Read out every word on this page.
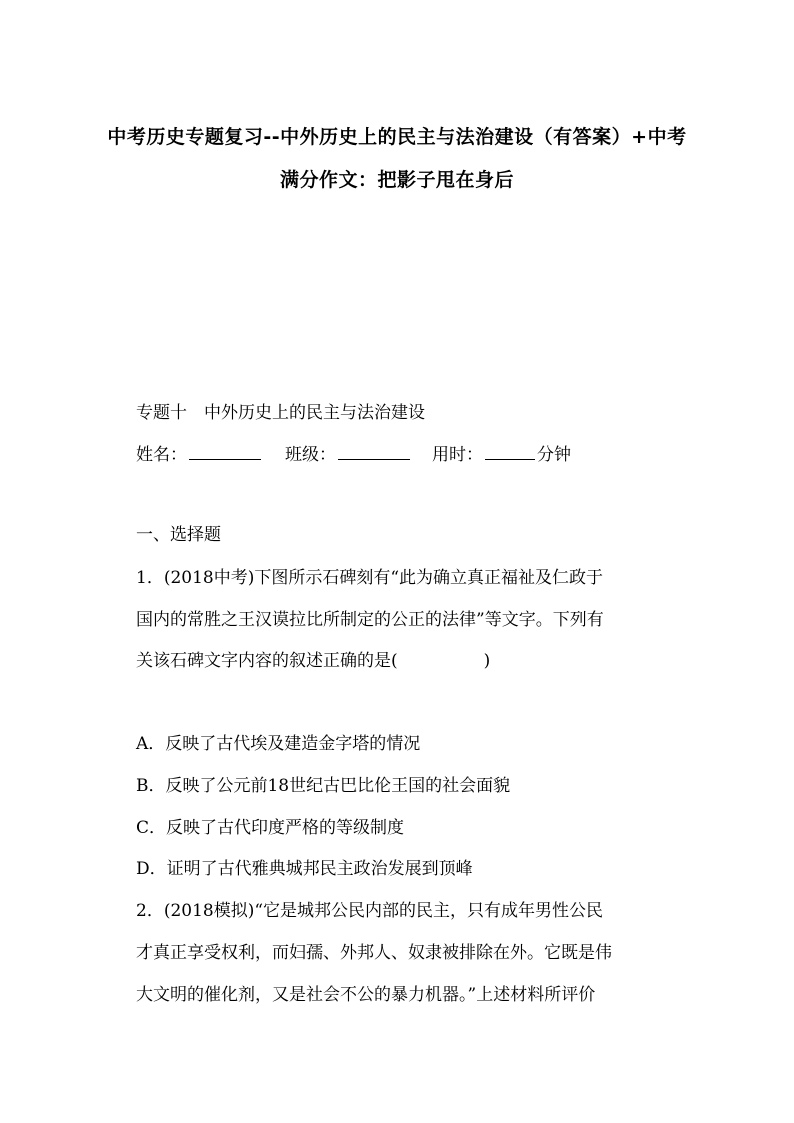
中考历史专题复习--中外历史上的民主与法治建设（有答案）+中考
满分作文：把影子甩在身后
专题十　中外历史上的民主与法治建设
姓名：	班级：	用时：	分钟
一、选择题
1．(2018中考)下图所示石碑刻有“此为确立真正福祉及仁政于
国内的常胜之王汉谟拉比所制定的公正的法律”等文字。下列有
关该石碑文字内容的叙述正确的是(	)
A．反映了古代埃及建造金字塔的情况
B．反映了公元前18世纪古巴比伦王国的社会面貌
C．反映了古代印度严格的等级制度
D．证明了古代雅典城邦民主政治发展到顶峰
2．(2018模拟)“它是城邦公民内部的民主，只有成年男性公民
才真正享受权利，而妇孺、外邦人、奴隶被排除在外。它既是伟
大文明的催化剂，又是社会不公的暴力机器。”上述材料所评价
